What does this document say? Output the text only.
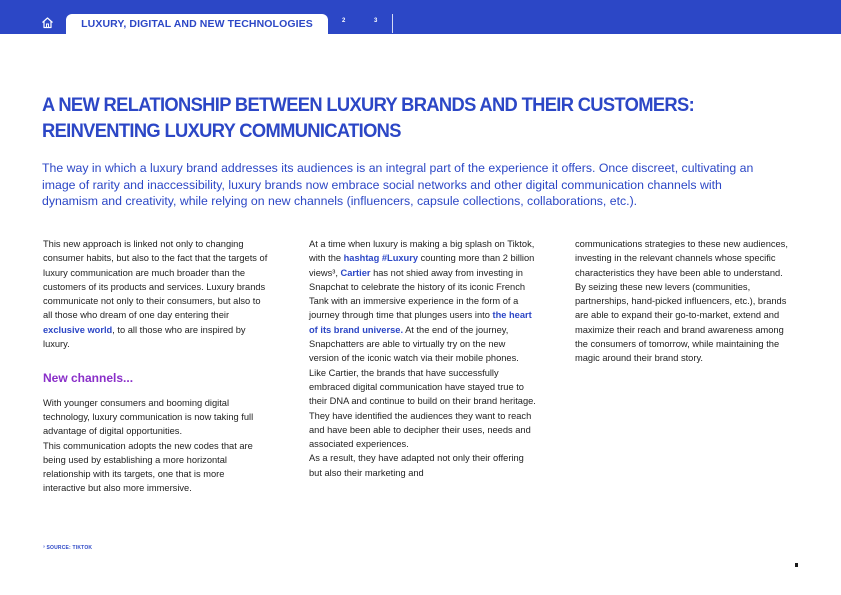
LUXURY, DIGITAL AND NEW TECHNOLOGIES	2	3
A NEW RELATIONSHIP BETWEEN LUXURY BRANDS AND THEIR CUSTOMERS:
REINVENTING LUXURY COMMUNICATIONS

The way in which a luxury brand addresses its audiences is an integral part of the experience it offers. Once discreet, cultivating an image of rarity and inaccessibility, luxury brands now embrace social networks and other digital communication channels with dynamism and creativity, while relying on new channels (influencers, capsule collections, collaborations, etc.).

This new approach is linked not only to changing consumer habits, but also to the fact that the targets of luxury communication are much broader than the customers of its products and services. Luxury brands communicate not only to their consumers, but also to all those who dream of one day entering their exclusive world, to all those who are inspired by luxury.

New channels...

With younger consumers and booming digital technology, luxury communication is now taking full advantage of digital opportunities.

This communication adopts the new codes that are being used by establishing a more horizontal relationship with its targets, one that is more interactive but also more immersive.

At a time when luxury is making a big splash on Tiktok, with the hashtag #Luxury counting more than 2 billion views³, Cartier has not shied away from investing in Snapchat to celebrate the history of its iconic French Tank with an immersive experience in the form of a journey through time that plunges users into the heart of its brand universe. At the end of the journey, Snapchatters are able to virtually try on the new version of the iconic watch via their mobile phones.

Like Cartier, the brands that have successfully embraced digital communication have stayed true to their DNA and continue to build on their brand heritage. They have identified the audiences they want to reach and have been able to decipher their uses, needs and associated experiences.

As a result, they have adapted not only their offering but also their marketing and

communications strategies to these new audiences, investing in the relevant channels whose specific characteristics they have been able to understand.

By seizing these new levers (communities, partnerships, hand-picked influencers, etc.), brands are able to expand their go-to-market, extend and maximize their reach and brand awareness among the consumers of tomorrow, while maintaining the magic around their brand story.

³ SOURCE: TIKTOK
